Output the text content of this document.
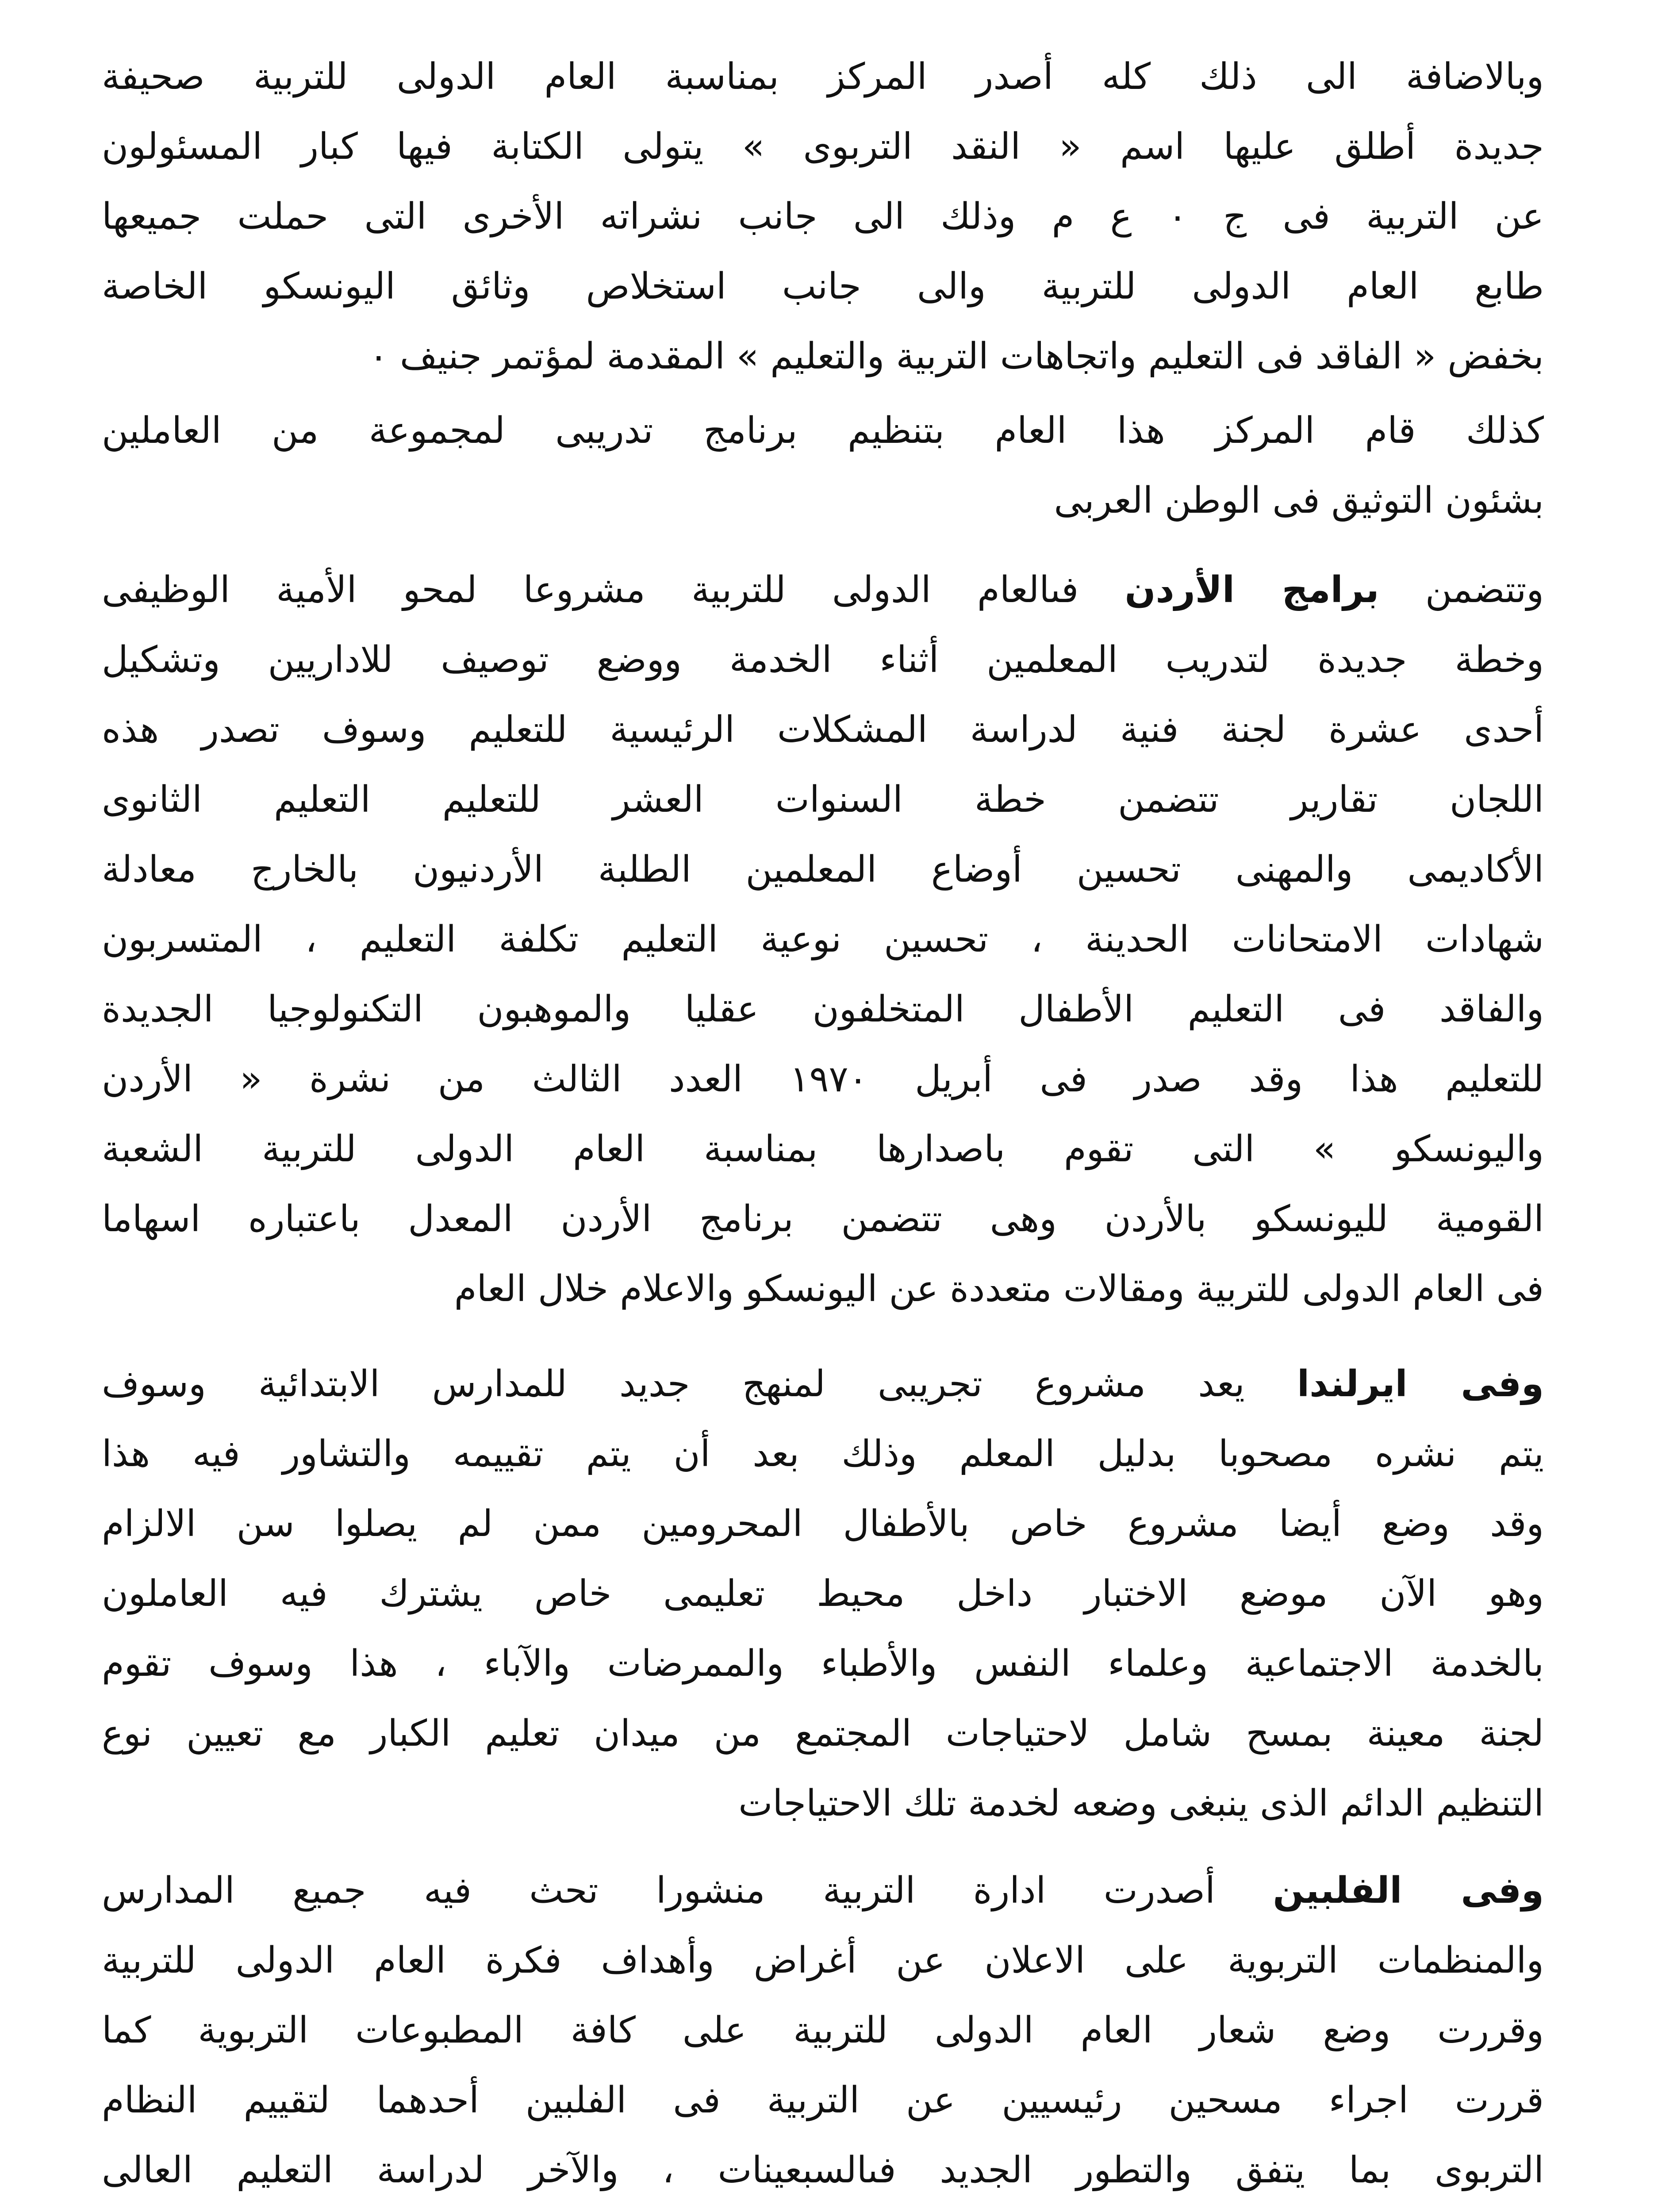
وبالاضافة الى ذلك كله أصدر المركز بمناسبة العام الدولى للتربية صحيفة
جديدة أطلق عليها اسم « النقد التربوى » يتولى الكتابة فيها كبار المسئولون
عن التربية فى ج ٠ ع م وذلك الى جانب نشراته الأخرى التى حملت جميعها
طابع العام الدولى للتربية والى جانب استخلاص وثائق اليونسكو الخاصة
بخفض « الفاقد فى التعليم واتجاهات التربية والتعليم » المقدمة لمؤتمر جنيف ٠
كذلك قام المركز هذا العام بتنظيم برنامج تدريبى لمجموعة من العاملين
بشئون التوثيق فى الوطن العربى
وتتضمن برامج الأردن فىالعام الدولى للتربية مشروعا لمحو الأمية الوظيفى
وخطة جديدة لتدريب المعلمين أثناء الخدمة ووضع توصيف للاداريين وتشكيل
أحدى عشرة لجنة فنية لدراسة المشكلات الرئيسية للتعليم وسوف تصدر هذه
اللجان تقارير تتضمن خطة السنوات العشر للتعليم التعليم الثانوى
الأكاديمى والمهنى تحسين أوضاع المعلمين الطلبة الأردنيون بالخارج معادلة
شهادات الامتحانات الحدينة ، تحسين نوعية التعليم تكلفة التعليم ، المتسربون
والفاقد فى التعليم الأطفال المتخلفون عقليا والموهبون التكنولوجيا الجديدة
للتعليم هذا وقد صدر فى أبريل ١٩٧٠ العدد الثالث من نشرة « الأردن
واليونسكو » التى تقوم باصدارها بمناسبة العام الدولى للتربية الشعبة
القومية لليونسكو بالأردن وهى تتضمن برنامج الأردن المعدل باعتباره اسهاما
فى العام الدولى للتربية ومقالات متعددة عن اليونسكو والاعلام خلال العام
وفى ايرلندا يعد مشروع تجريبى لمنهج جديد للمدارس الابتدائية وسوف
يتم نشره مصحوبا بدليل المعلم وذلك بعد أن يتم تقييمه والتشاور فيه هذا
وقد وضع أيضا مشروع خاص بالأطفال المحرومين ممن لم يصلوا سن الالزام
وهو الآن موضع الاختبار داخل محيط تعليمى خاص يشترك فيه العاملون
بالخدمة الاجتماعية وعلماء النفس والأطباء والممرضات والآباء ، هذا وسوف تقوم
لجنة معينة بمسح شامل لاحتياجات المجتمع من ميدان تعليم الكبار مع تعيين نوع
التنظيم الدائم الذى ينبغى وضعه لخدمة تلك الاحتياجات
وفى الفلبين أصدرت ادارة التربية منشورا تحث فيه جميع المدارس
والمنظمات التربوية على الاعلان عن أغراض وأهداف فكرة العام الدولى للتربية
وقررت وضع شعار العام الدولى للتربية على كافة المطبوعات التربوية كما
قررت اجراء مسحين رئيسيين عن التربية فى الفلبين أحدهما لتقييم النظام
التربوى بما يتفق والتطور الجديد فىالسبعينات ، والآخر لدراسة التعليم العالى
